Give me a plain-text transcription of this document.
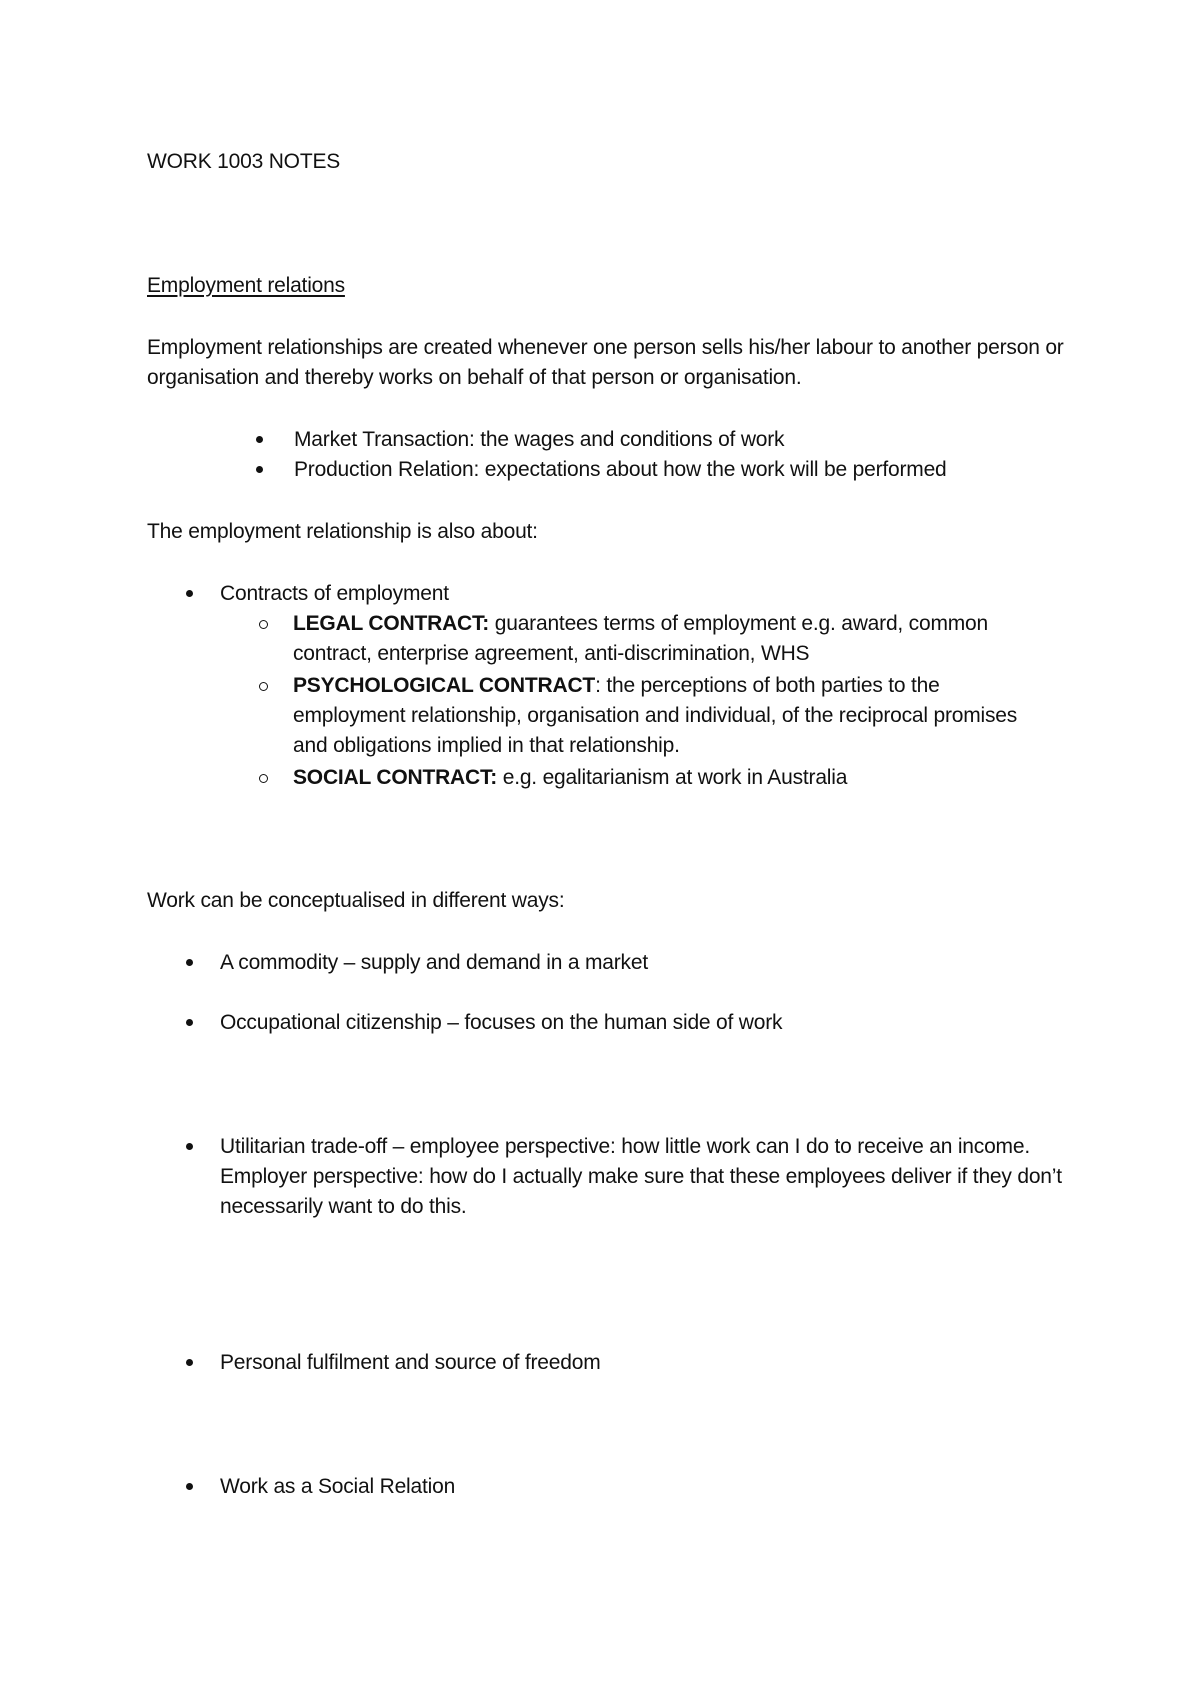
WORK 1003 NOTES
Employment relations
Employment relationships are created whenever one person sells his/her labour to another person or organisation and thereby works on behalf of that person or organisation.
Market Transaction: the wages and conditions of work
Production Relation: expectations about how the work will be performed
The employment relationship is also about:
Contracts of employment
LEGAL CONTRACT: guarantees terms of employment e.g. award, common contract, enterprise agreement, anti-discrimination, WHS
PSYCHOLOGICAL CONTRACT: the perceptions of both parties to the employment relationship, organisation and individual, of the reciprocal promises and obligations implied in that relationship.
SOCIAL CONTRACT: e.g. egalitarianism at work in Australia
Work can be conceptualised in different ways:
A commodity – supply and demand in a market
Occupational citizenship – focuses on the human side of work
Utilitarian trade-off – employee perspective: how little work can I do to receive an income. Employer perspective: how do I actually make sure that these employees deliver if they don’t necessarily want to do this.
Personal fulfilment and source of freedom
Work as a Social Relation
